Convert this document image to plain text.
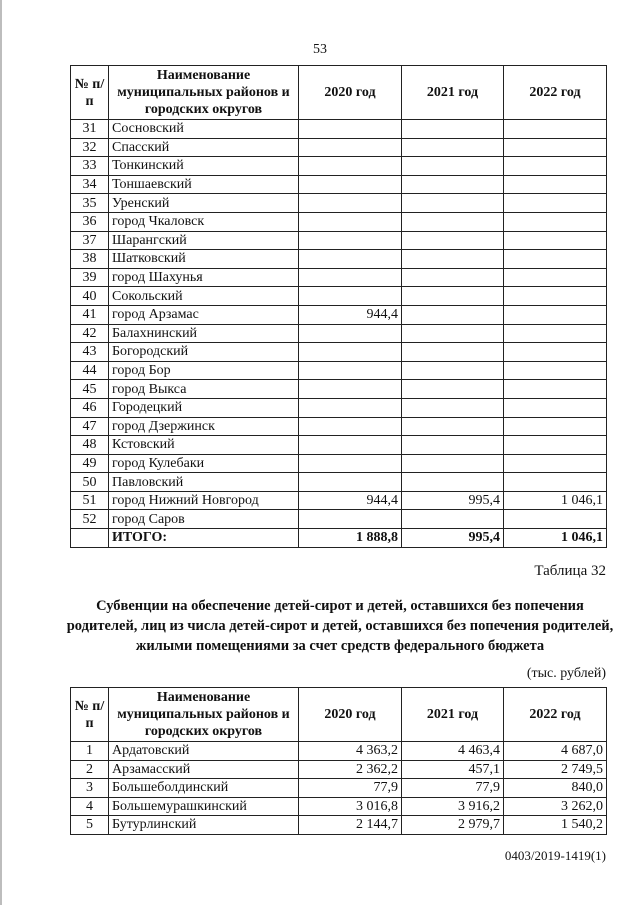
53
№ п/п	Наименование муниципальных районов и городских округов	2020 год	2021 год	2022 год
31	Сосновский			
32	Спасский			
33	Тонкинский			
34	Тоншаевский			
35	Уренский			
36	город Чкаловск			
37	Шарангский			
38	Шатковский			
39	город Шахунья			
40	Сокольский			
41	город Арзамас	944,4		
42	Балахнинский			
43	Богородский			
44	город Бор			
45	город Выкса			
46	Городецкий			
47	город Дзержинск			
48	Кстовский			
49	город Кулебаки			
50	Павловский			
51	город Нижний Новгород	944,4	995,4	1 046,1
52	город Саров			
	ИТОГО:	1 888,8	995,4	1 046,1
Таблица 32
Субвенции на обеспечение детей-сирот и детей, оставшихся без попечения родителей, лиц из числа детей-сирот и детей, оставшихся без попечения родителей, жилыми помещениями за счет средств федерального бюджета
(тыс. рублей)
№ п/п	Наименование муниципальных районов и городских округов	2020 год	2021 год	2022 год
1	Ардатовский	4 363,2	4 463,4	4 687,0
2	Арзамасский	2 362,2	457,1	2 749,5
3	Большеболдинский	77,9	77,9	840,0
4	Большемурашкинский	3 016,8	3 916,2	3 262,0
5	Бутурлинский	2 144,7	2 979,7	1 540,2
0403/2019-1419(1)
